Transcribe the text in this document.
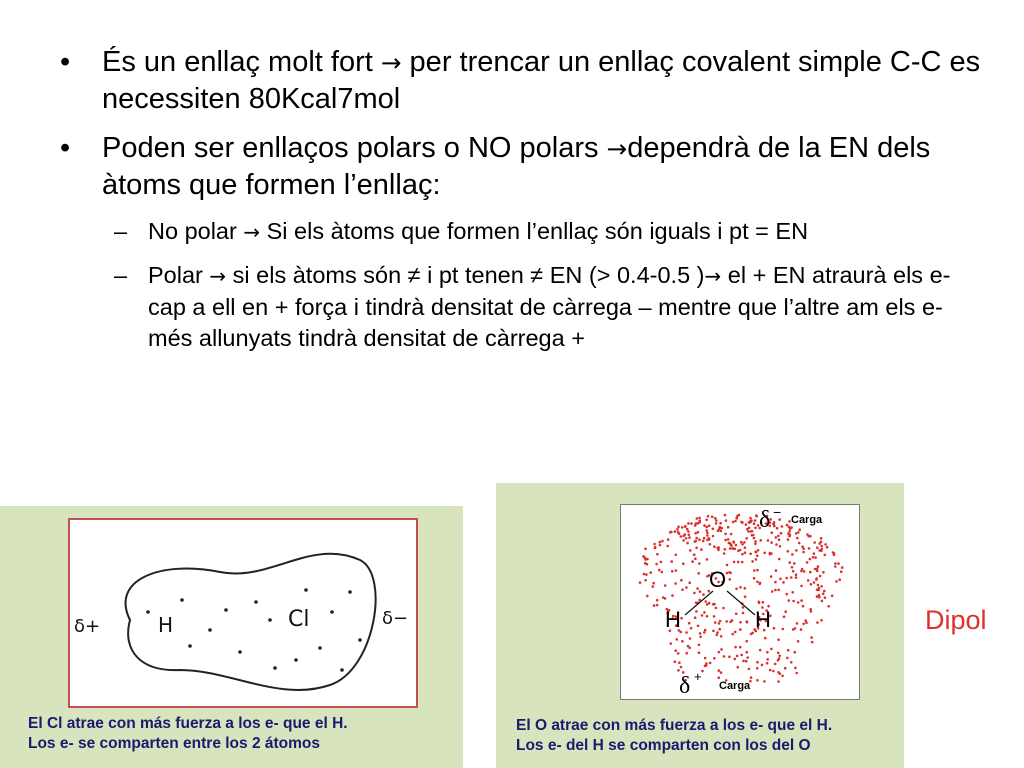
• És un enllaç molt fort → per trencar un enllaç covalent simple C-C es necessiten 80Kcal7mol
• Poden ser enllaços polars o NO polars →dependrà de la EN dels àtoms que formen l’enllaç:
– No polar → Si els àtoms que formen l’enllaç són iguals i pt = EN
– Polar → si els àtoms són ≠ i pt tenen ≠ EN (> 0.4-0.5 )→ el + EN atraurà els e- cap a ell en + força i tindrà densitat de càrrega – mentre que l’altre am els e- més allunyats tindrà densitat de càrrega +
δ+	δ−
H	Cl
El Cl atrae con más fuerza a los e- que el H.
Los e- se comparten entre los 2 átomos
δ − Carga
O
H	H
δ +
Carga
El O atrae con más fuerza a los e- que el H.
Los e- del H se comparten con los del O
Dipol
